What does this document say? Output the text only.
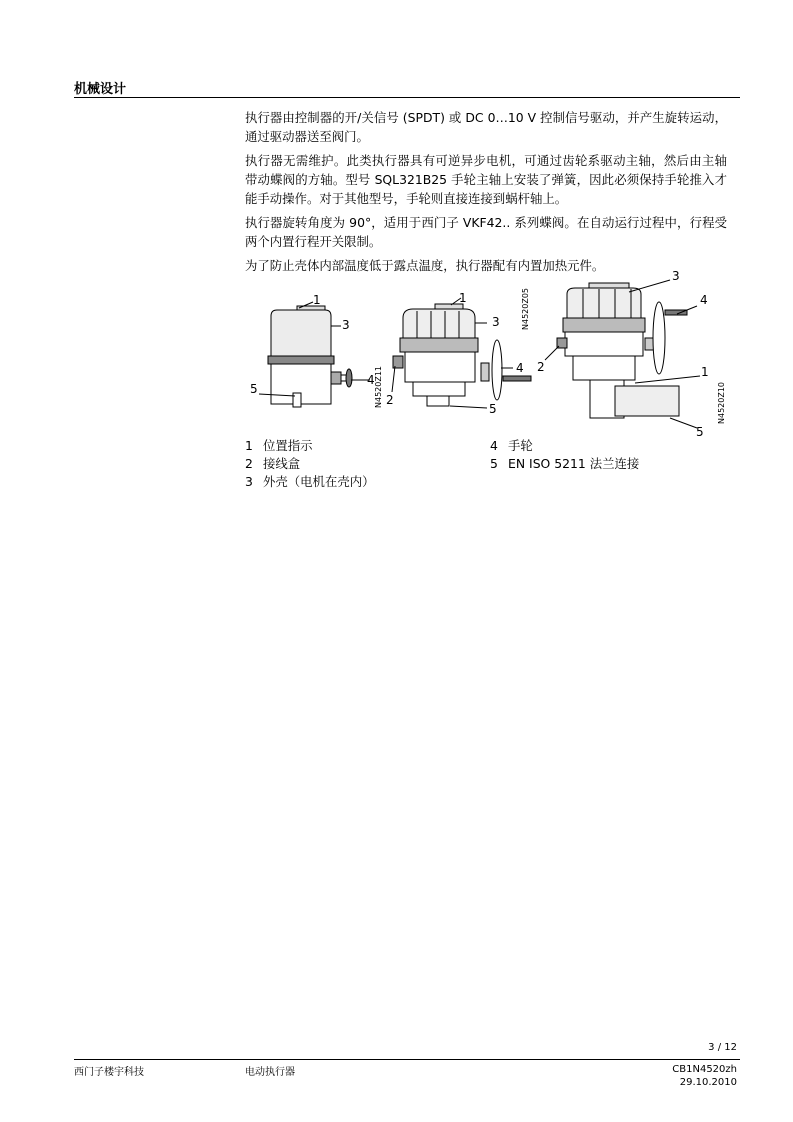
机械设计

执行器由控制器的开/关信号 (SPDT) 或 DC 0…10 V 控制信号驱动，并产生旋转运动，通过驱动器送至阀门。

执行器无需维护。此类执行器具有可逆异步电机，可通过齿轮系驱动主轴，然后由主轴带动蝶阀的方轴。型号 SQL321B25 手轮主轴上安装了弹簧，因此必须保持手轮推入才能手动操作。对于其他型号，手轮则直接连接到蜗杆轴上。

执行器旋转角度为 90°，适用于西门子 VKF42.. 系列蝶阀。在自动运行过程中，行程受两个内置行程开关限制。

为了防止壳体内部温度低于露点温度，执行器配有内置加热元件。

1
3
4
5	N4520Z11
1
3
4
2
5
N4520Z05
3
4
2	1
5
N4520Z10
1 位置指示
2 接线盒
3 外壳（电机在壳内）
4 手轮
5 EN ISO 5211 法兰连接
3 / 12
西门子楼宇科技	电动执行器	CB1N4520zh
29.10.2010
